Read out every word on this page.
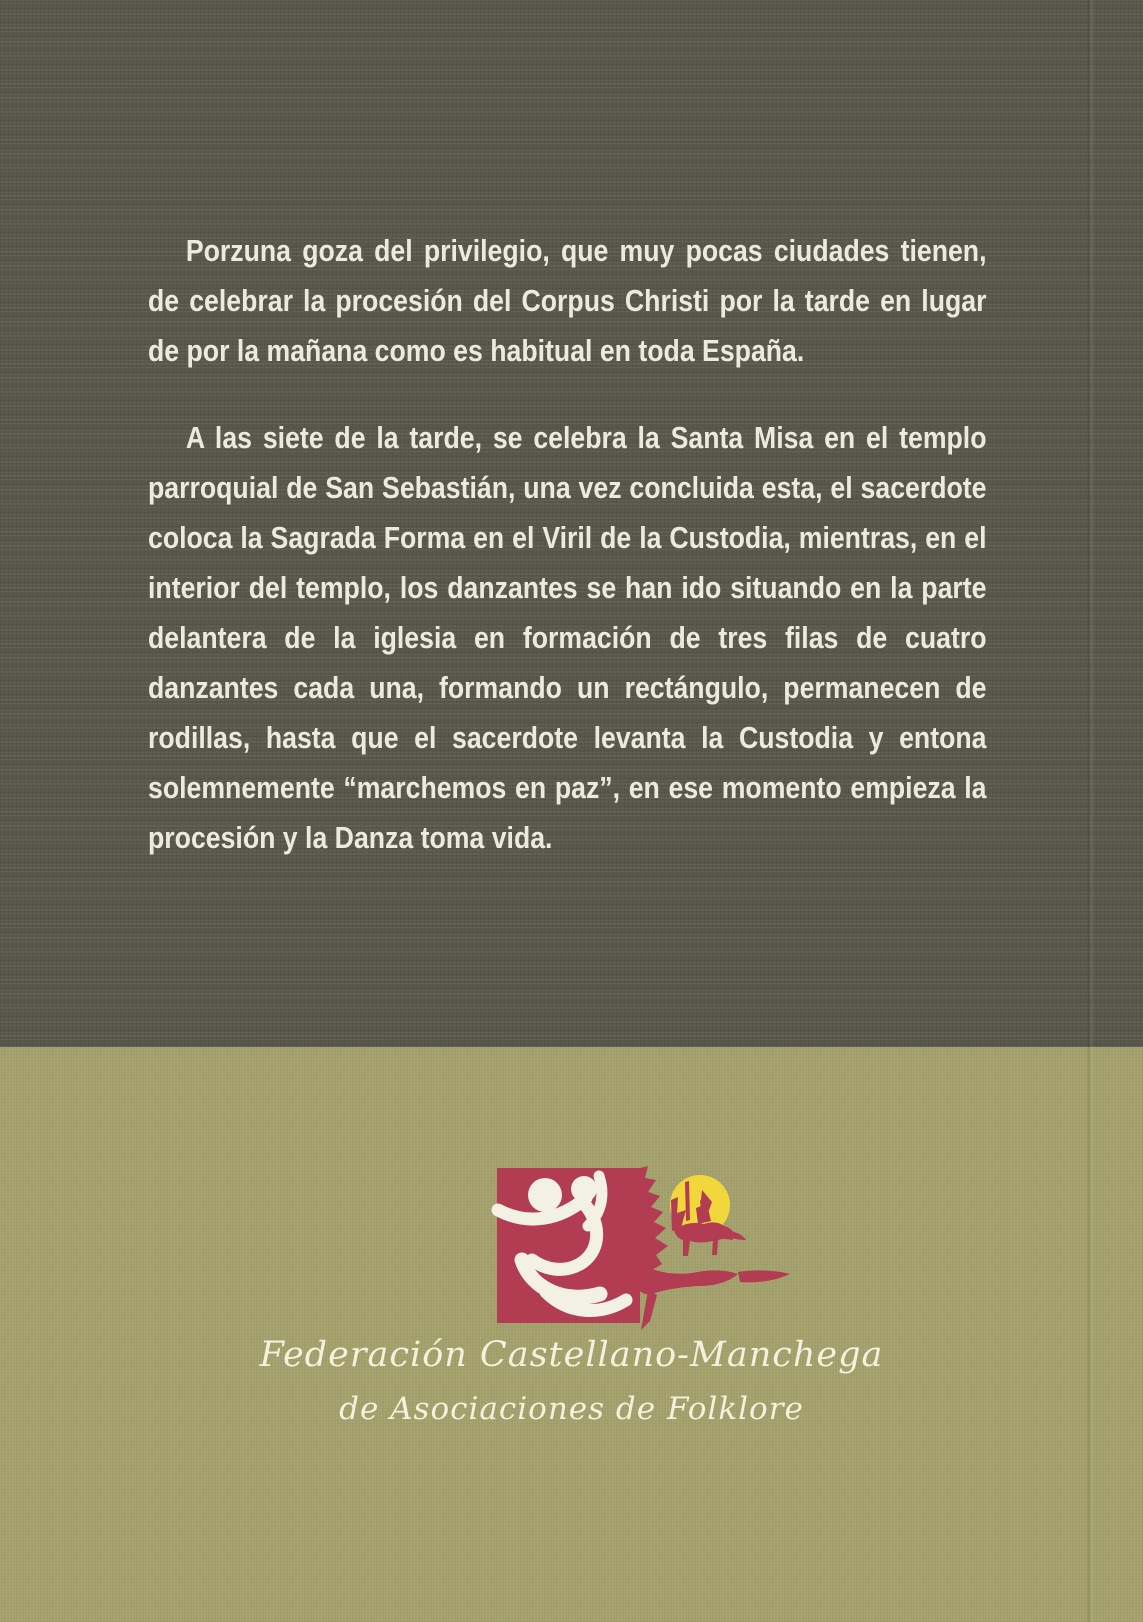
Porzuna goza del privilegio, que muy pocas ciudades tienen, de celebrar la procesión del Corpus Christi por la tarde en lugar de por la mañana como es habitual en toda España.

A las siete de la tarde, se celebra la Santa Misa en el templo parroquial de San Sebastián, una vez concluida esta, el sacerdote coloca la Sagrada Forma en el Viril de la Custodia, mientras, en el interior del templo, los danzantes se han ido situando en la parte delantera de la iglesia en formación de tres filas de cuatro danzantes cada una, formando un rectángulo, permanecen de rodillas, hasta que el sacerdote levanta la Custodia y entona solemnemente “marchemos en paz”, en ese momento empieza la procesión y la Danza toma vida.

Federación Castellano-Manchega
de Asociaciones de Folklore
